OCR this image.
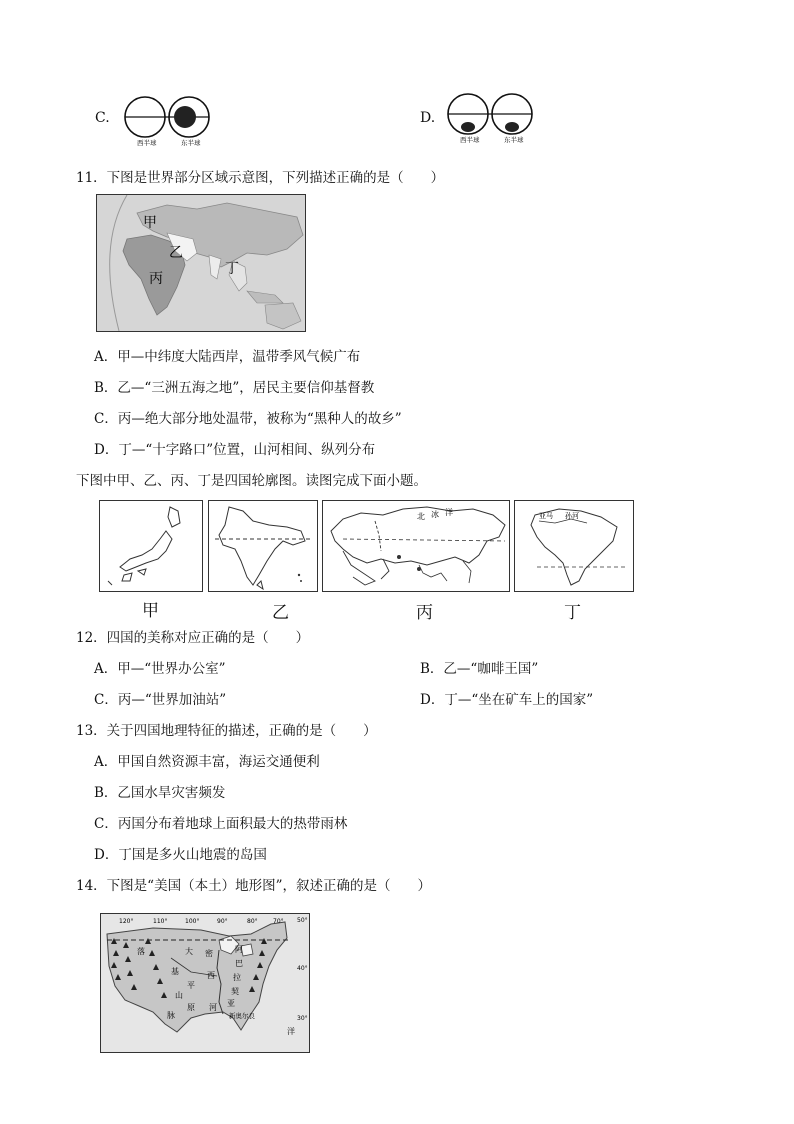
C.
西半球	东半球
D.
西半球	东半球
11．下图是世界部分区域示意图，下列描述正确的是（　　）
甲
乙
丙
丁
A．甲—中纬度大陆西岸，温带季风气候广布
B．乙—“三洲五海之地”，居民主要信仰基督教
C．丙—绝大部分地处温带，被称为“黑种人的故乡”
D．丁—“十字路口”位置，山河相间、纵列分布
下图中甲、乙、丙、丁是四国轮廓图。读图完成下面小题。
北 冰 洋	亚马 孙河
甲	乙	丙	丁
12．四国的美称对应正确的是（　　）
A．甲—“世界办公室”	B．乙—“咖啡王国”
C．丙—“世界加油站”	D．丁—“坐在矿车上的国家”
13．关于四国地理特征的描述，正确的是（　　）
A．甲国自然资源丰富，海运交通便利
B．乙国水旱灾害频发
C．丙国分布着地球上面积最大的热带雨林
D．丁国是多火山地震的岛国
14．下图是“美国（本土）地形图”，叙述正确的是（　　）
120°	110°	100°	90°	80°	70° 50°
40°
30°
落
基
山
脉
大
平
原
密
西
河
阿
巴
拉
契
亚
新奥尔良
洋
